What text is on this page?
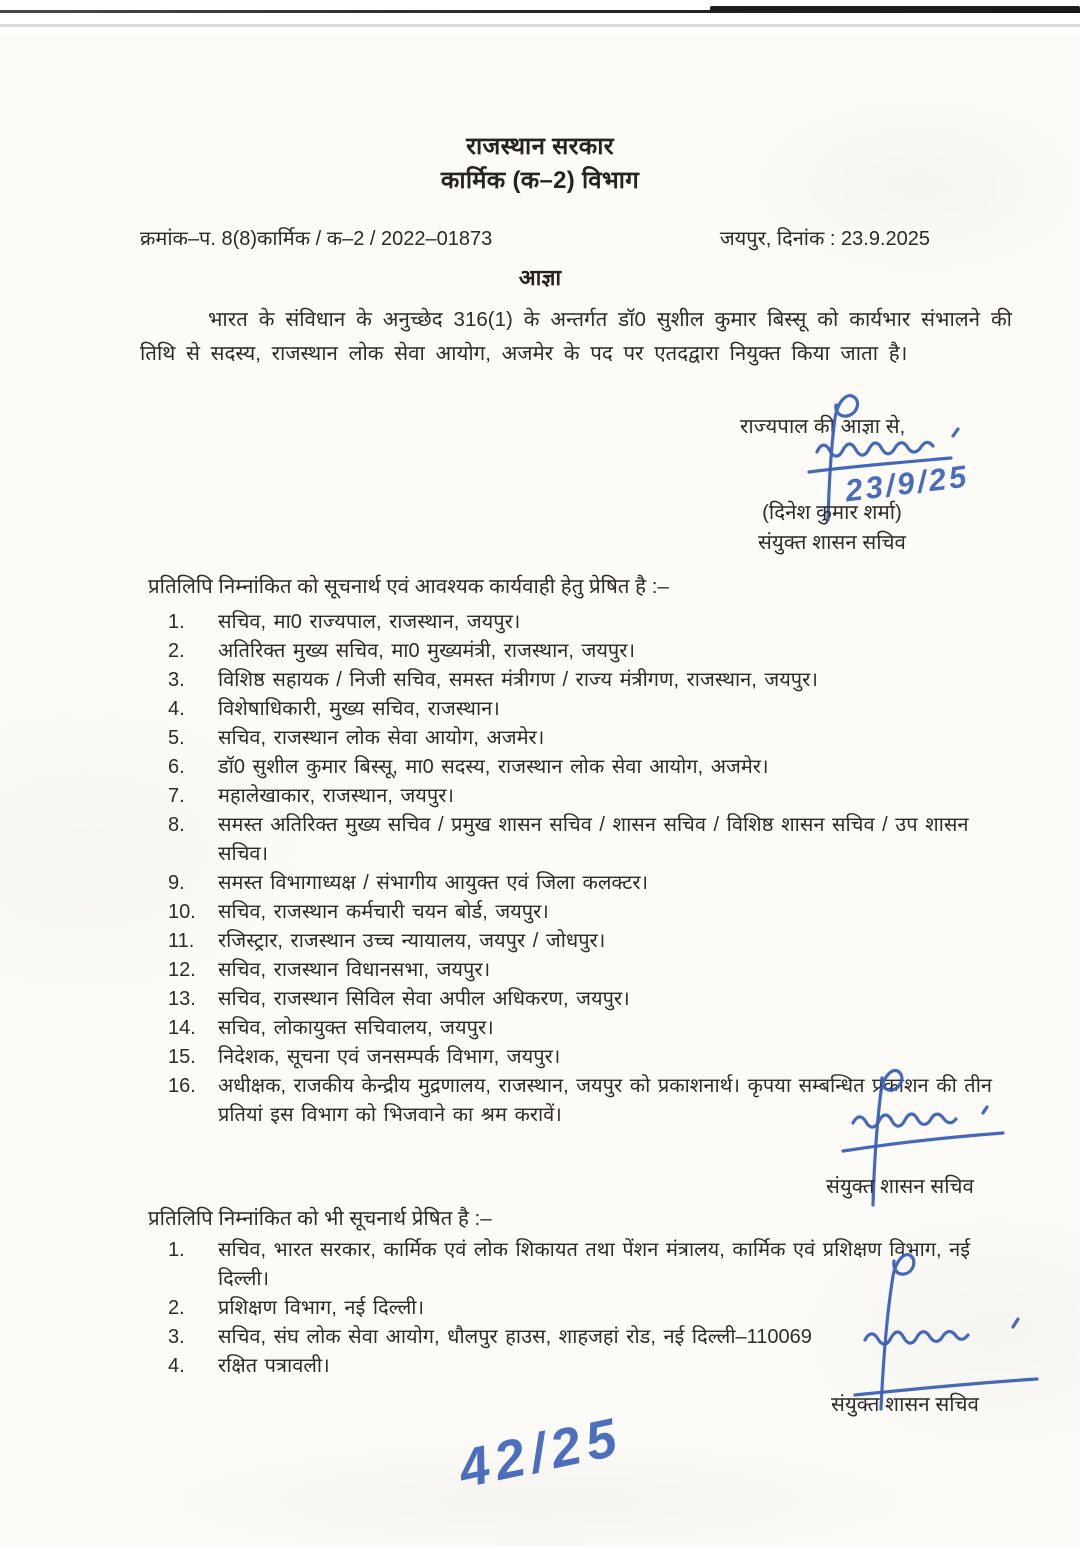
राजस्थान सरकार
कार्मिक (क–2) विभाग
क्रमांक–प. 8(8)कार्मिक / क–2 / 2022–01873	जयपुर, दिनांक : 23.9.2025
आज्ञा
भारत के संविधान के अनुच्छेद 316(1) के अन्तर्गत डॉ0 सुशील कुमार बिस्सू को कार्यभार संभालने की तिथि से सदस्य, राजस्थान लोक सेवा आयोग, अजमेर के पद पर एतदद्वारा नियुक्त किया जाता है।
राज्यपाल की आज्ञा से,
23/9/25
(दिनेश कुमार शर्मा)
संयुक्त शासन सचिव
प्रतिलिपि निम्नांकित को सूचनार्थ एवं आवश्यक कार्यवाही हेतु प्रेषित है :–
1.	सचिव, मा0 राज्यपाल, राजस्थान, जयपुर।
2.	अतिरिक्त मुख्य सचिव, मा0 मुख्यमंत्री, राजस्थान, जयपुर।
3.	विशिष्ठ सहायक / निजी सचिव, समस्त मंत्रीगण / राज्य मंत्रीगण, राजस्थान, जयपुर।
4.	विशेषाधिकारी, मुख्य सचिव, राजस्थान।
5.	सचिव, राजस्थान लोक सेवा आयोग, अजमेर।
6.	डॉ0 सुशील कुमार बिस्सू, मा0 सदस्य, राजस्थान लोक सेवा आयोग, अजमेर।
7.	महालेखाकार, राजस्थान, जयपुर।
8.	समस्त अतिरिक्त मुख्य सचिव / प्रमुख शासन सचिव / शासन सचिव / विशिष्ठ शासन सचिव / उप शासन सचिव।
9.	समस्त विभागाध्यक्ष / संभागीय आयुक्त एवं जिला कलक्टर।
10.	सचिव, राजस्थान कर्मचारी चयन बोर्ड, जयपुर।
11.	रजिस्ट्रार, राजस्थान उच्च न्यायालय, जयपुर / जोधपुर।
12.	सचिव, राजस्थान विधानसभा, जयपुर।
13.	सचिव, राजस्थान सिविल सेवा अपील अधिकरण, जयपुर।
14.	सचिव, लोकायुक्त सचिवालय, जयपुर।
15.	निदेशक, सूचना एवं जनसम्पर्क विभाग, जयपुर।
16.	अधीक्षक, राजकीय केन्द्रीय मुद्रणालय, राजस्थान, जयपुर को प्रकाशनार्थ। कृपया सम्बन्धित प्रकाशन की तीन प्रतियां इस विभाग को भिजवाने का श्रम करावें।
संयुक्त शासन सचिव
प्रतिलिपि निम्नांकित को भी सूचनार्थ प्रेषित है :–
1.	सचिव, भारत सरकार, कार्मिक एवं लोक शिकायत तथा पेंशन मंत्रालय, कार्मिक एवं प्रशिक्षण विभाग, नई दिल्ली।
2.	प्रशिक्षण विभाग, नई दिल्ली।
3.	सचिव, संघ लोक सेवा आयोग, धौलपुर हाउस, शाहजहां रोड, नई दिल्ली–110069
4.	रक्षित पत्रावली।
संयुक्त शासन सचिव
42/25
